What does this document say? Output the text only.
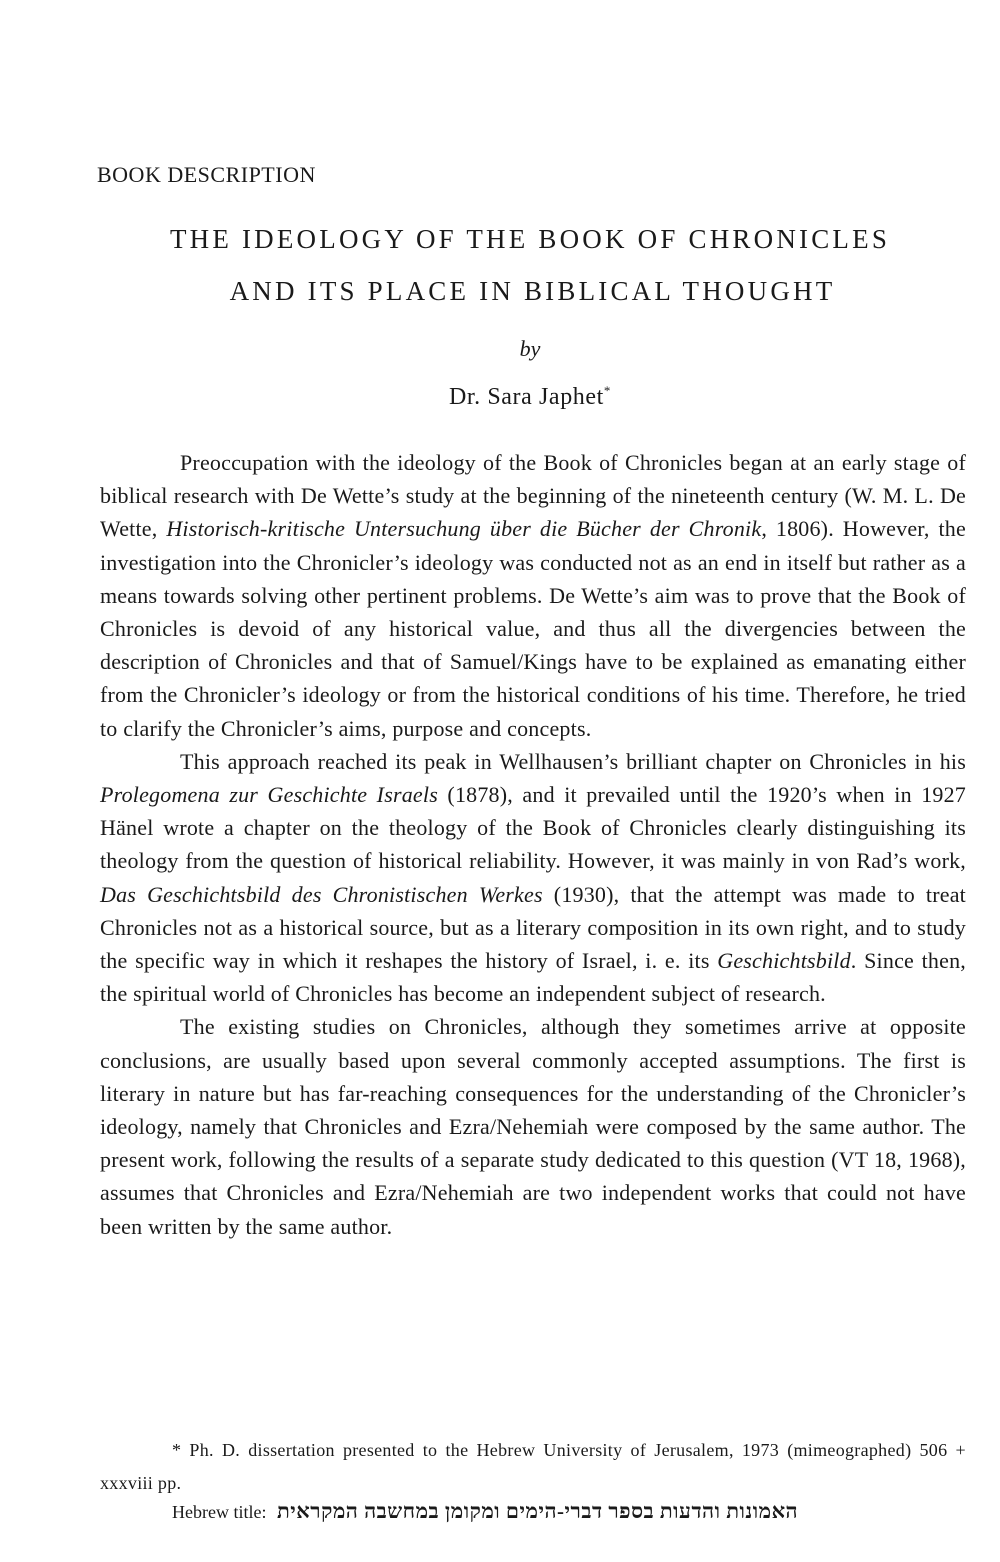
BOOK DESCRIPTION
THE IDEOLOGY OF THE BOOK OF CHRONICLES
AND ITS PLACE IN BIBLICAL THOUGHT
by
Dr. Sara Japhet*

Preoccupation with the ideology of the Book of Chronicles began at an early stage of biblical research with De Wette’s study at the beginning of the nineteenth century (W. M. L. De Wette, Historisch-kritische Untersuchung über die Bücher der Chronik, 1806). However, the investigation into the Chronicler’s ideology was conducted not as an end in itself but rather as a means towards solving other pertinent problems. De Wette’s aim was to prove that the Book of Chronicles is devoid of any historical value, and thus all the divergencies between the description of Chronicles and that of Samuel/Kings have to be explained as emanating either from the Chronicler’s ideology or from the historical conditions of his time. Therefore, he tried to clarify the Chronicler’s aims, purpose and concepts.

This approach reached its peak in Wellhausen’s brilliant chapter on Chronicles in his Prolegomena zur Geschichte Israels (1878), and it prevailed until the 1920’s when in 1927 Hänel wrote a chapter on the theology of the Book of Chronicles clearly distinguishing its theology from the question of historical reliability. However, it was mainly in von Rad’s work, Das Geschichtsbild des Chronistischen Werkes (1930), that the attempt was made to treat Chronicles not as a historical source, but as a literary composition in its own right, and to study the specific way in which it reshapes the history of Israel, i. e. its Geschichtsbild. Since then, the spiritual world of Chronicles has become an independent subject of research.

The existing studies on Chronicles, although they sometimes arrive at opposite conclusions, are usually based upon several commonly accepted assumptions. The first is literary in nature but has far-reaching consequences for the understanding of the Chronicler’s ideology, namely that Chronicles and Ezra/Nehemiah were composed by the same author. The present work, following the results of a separate study dedicated to this question (VT 18, 1968), assumes that Chronicles and Ezra/Nehemiah are two independent works that could not have been written by the same author.

* Ph. D. dissertation presented to the Hebrew University of Jerusalem, 1973 (mimeographed) 506 + xxxviii pp.

Hebrew title: האמונות והדעות בספר דברי-הימים ומקומן במחשבה המקראית
